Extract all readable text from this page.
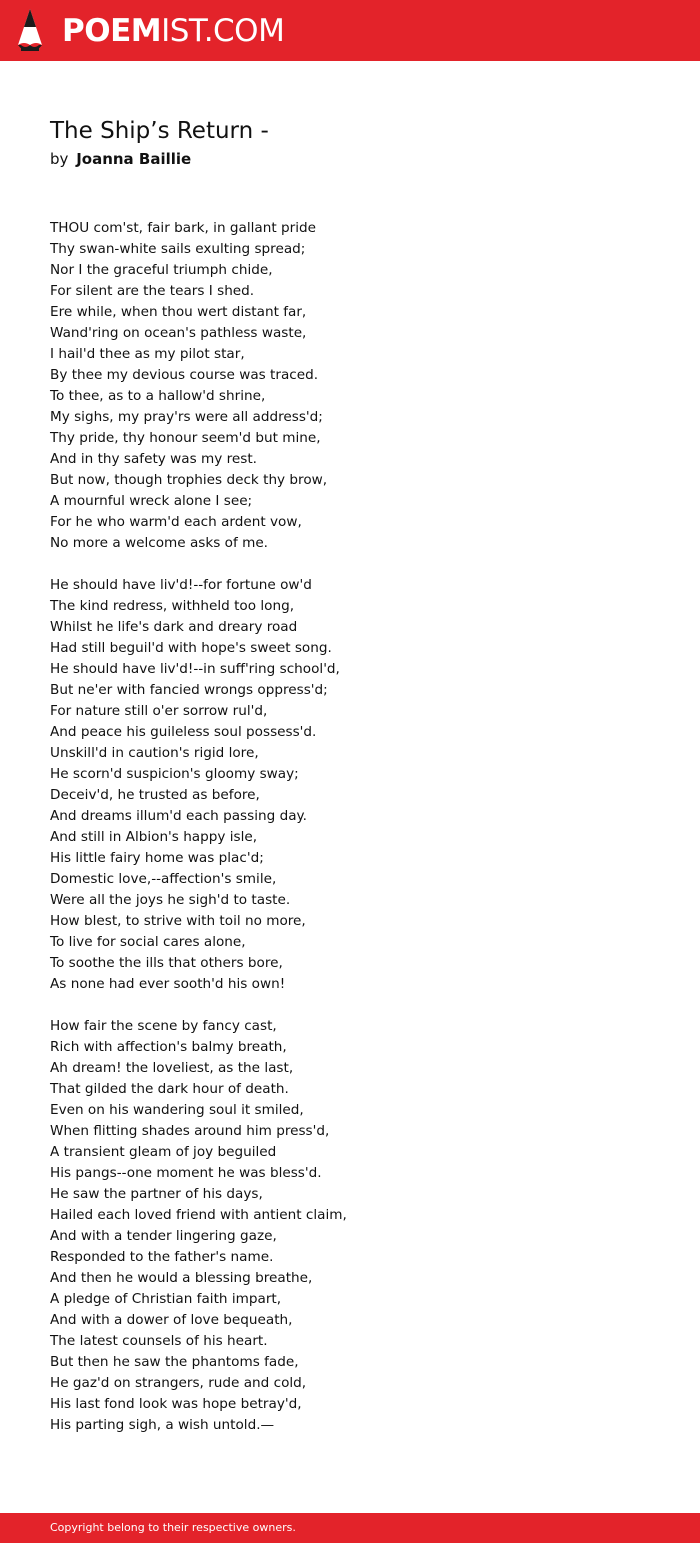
POEMIST.COM
The Ship’s Return -
by Joanna Baillie
THOU com'st, fair bark, in gallant pride
Thy swan-white sails exulting spread;
Nor I the graceful triumph chide,
For silent are the tears I shed.
Ere while, when thou wert distant far,
Wand'ring on ocean's pathless waste,
I hail'd thee as my pilot star,
By thee my devious course was traced.
To thee, as to a hallow'd shrine,
My sighs, my pray'rs were all address'd;
Thy pride, thy honour seem'd but mine,
And in thy safety was my rest.
But now, though trophies deck thy brow,
A mournful wreck alone I see;
For he who warm'd each ardent vow,
No more a welcome asks of me.
He should have liv'd!--for fortune ow'd
The kind redress, withheld too long,
Whilst he life's dark and dreary road
Had still beguil'd with hope's sweet song.
He should have liv'd!--in suff'ring school'd,
But ne'er with fancied wrongs oppress'd;
For nature still o'er sorrow rul'd,
And peace his guileless soul possess'd.
Unskill'd in caution's rigid lore,
He scorn'd suspicion's gloomy sway;
Deceiv'd, he trusted as before,
And dreams illum'd each passing day.
And still in Albion's happy isle,
His little fairy home was plac'd;
Domestic love,--affection's smile,
Were all the joys he sigh'd to taste.
How blest, to strive with toil no more,
To live for social cares alone,
To soothe the ills that others bore,
As none had ever sooth'd his own!
How fair the scene by fancy cast,
Rich with affection's balmy breath,
Ah dream! the loveliest, as the last,
That gilded the dark hour of death.
Even on his wandering soul it smiled,
When flitting shades around him press'd,
A transient gleam of joy beguiled
His pangs--one moment he was bless'd.
He saw the partner of his days,
Hailed each loved friend with antient claim,
And with a tender lingering gaze,
Responded to the father's name.
And then he would a blessing breathe,
A pledge of Christian faith impart,
And with a dower of love bequeath,
The latest counsels of his heart.
But then he saw the phantoms fade,
He gaz'd on strangers, rude and cold,
His last fond look was hope betray'd,
His parting sigh, a wish untold.—
Copyright belong to their respective owners.
